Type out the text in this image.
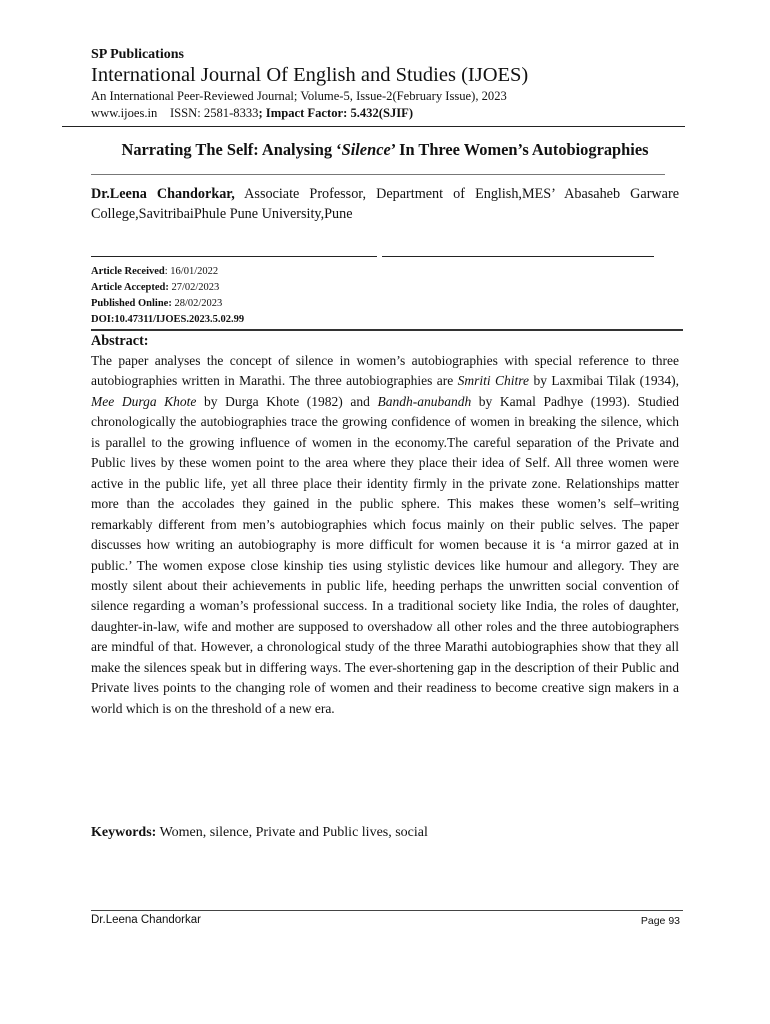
SP Publications
International Journal Of English and Studies (IJOES)
An International Peer-Reviewed Journal; Volume-5, Issue-2(February Issue), 2023
www.ijoes.in ISSN: 2581-8333; Impact Factor: 5.432(SJIF)
Narrating The Self: Analysing ‘Silence’ In Three Women’s Autobiographies
Dr.Leena Chandorkar, Associate Professor, Department of English,MES’ Abasaheb Garware College,SavitribaiPhule Pune University,Pune
Article Received: 16/01/2022
Article Accepted: 27/02/2023
Published Online: 28/02/2023
DOI:10.47311/IJOES.2023.5.02.99
Abstract:
The paper analyses the concept of silence in women’s autobiographies with special reference to three autobiographies written in Marathi. The three autobiographies are Smriti Chitre by Laxmibai Tilak (1934), Mee Durga Khote by Durga Khote (1982) and Bandh-anubandh by Kamal Padhye (1993). Studied chronologically the autobiographies trace the growing confidence of women in breaking the silence, which is parallel to the growing influence of women in the economy.The careful separation of the Private and Public lives by these women point to the area where they place their idea of Self. All three women were active in the public life, yet all three place their identity firmly in the private zone. Relationships matter more than the accolades they gained in the public sphere. This makes these women’s self–writing remarkably different from men’s autobiographies which focus mainly on their public selves. The paper discusses how writing an autobiography is more difficult for women because it is ‘a mirror gazed at in public.’ The women expose close kinship ties using stylistic devices like humour and allegory. They are mostly silent about their achievements in public life, heeding perhaps the unwritten social convention of silence regarding a woman’s professional success. In a traditional society like India, the roles of daughter, daughter-in-law, wife and mother are supposed to overshadow all other roles and the three autobiographers are mindful of that. However, a chronological study of the three Marathi autobiographies show that they all make the silences speak but in differing ways. The ever-shortening gap in the description of their Public and Private lives points to the changing role of women and their readiness to become creative sign makers in a world which is on the threshold of a new era.
Keywords: Women, silence, Private and Public lives, social
Dr.Leena Chandorkar	Page 93
